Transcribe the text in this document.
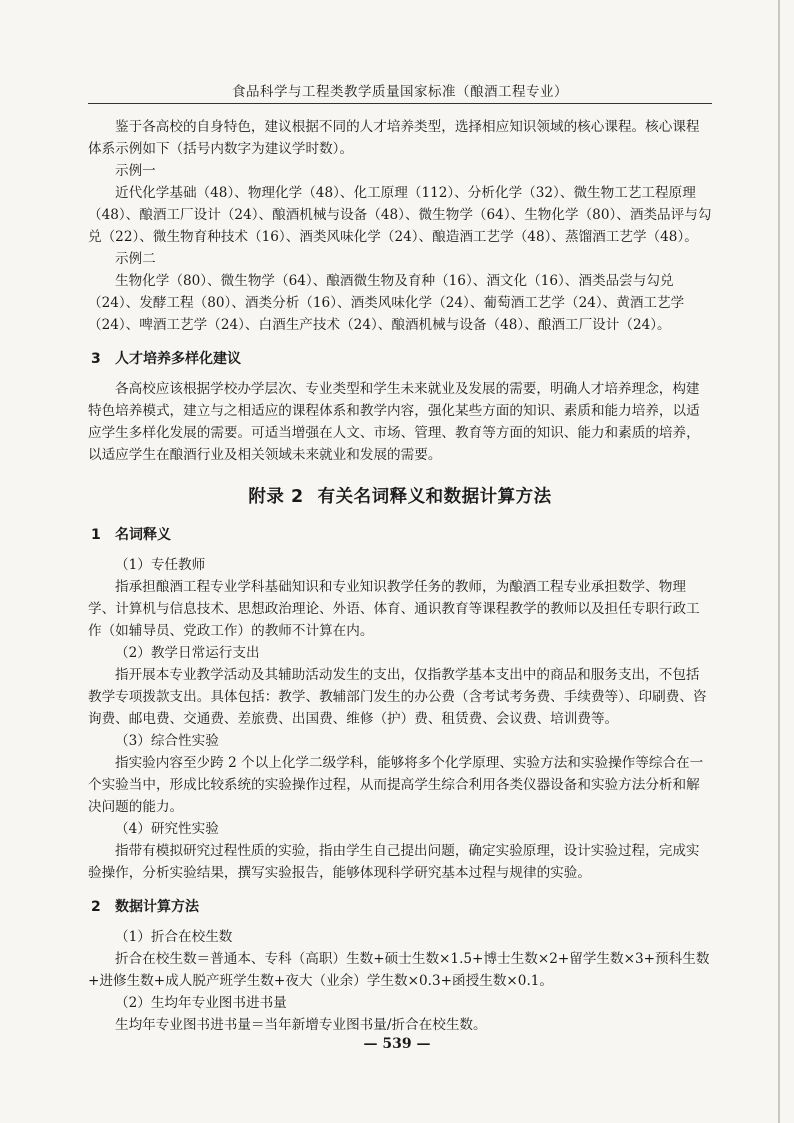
食品科学与工程类教学质量国家标准（酿酒工程专业）

鉴于各高校的自身特色，建议根据不同的人才培养类型，选择相应知识领域的核心课程。核心课程体系示例如下（括号内数字为建议学时数）。

示例一

近代化学基础（48）、物理化学（48）、化工原理（112）、分析化学（32）、微生物工艺工程原理（48）、酿酒工厂设计（24）、酿酒机械与设备（48）、微生物学（64）、生物化学（80）、酒类品评与勾兑（22）、微生物育种技术（16）、酒类风味化学（24）、酿造酒工艺学（48）、蒸馏酒工艺学（48）。

示例二

生物化学（80）、微生物学（64）、酿酒微生物及育种（16）、酒文化（16）、酒类品尝与勾兑（24）、发酵工程（80）、酒类分析（16）、酒类风味化学（24）、葡萄酒工艺学（24）、黄酒工艺学（24）、啤酒工艺学（24）、白酒生产技术（24）、酿酒机械与设备（48）、酿酒工厂设计（24）。

3 人才培养多样化建议

各高校应该根据学校办学层次、专业类型和学生未来就业及发展的需要，明确人才培养理念，构建特色培养模式，建立与之相适应的课程体系和教学内容，强化某些方面的知识、素质和能力培养，以适应学生多样化发展的需要。可适当增强在人文、市场、管理、教育等方面的知识、能力和素质的培养，以适应学生在酿酒行业及相关领域未来就业和发展的需要。

附录 2 有关名词释义和数据计算方法
1 名词释义

（1）专任教师

指承担酿酒工程专业学科基础知识和专业知识教学任务的教师，为酿酒工程专业承担数学、物理学、计算机与信息技术、思想政治理论、外语、体育、通识教育等课程教学的教师以及担任专职行政工作（如辅导员、党政工作）的教师不计算在内。

（2）教学日常运行支出

指开展本专业教学活动及其辅助活动发生的支出，仅指教学基本支出中的商品和服务支出，不包括教学专项拨款支出。具体包括：教学、教辅部门发生的办公费（含考试考务费、手续费等）、印刷费、咨询费、邮电费、交通费、差旅费、出国费、维修（护）费、租赁费、会议费、培训费等。

（3）综合性实验

指实验内容至少跨 2 个以上化学二级学科，能够将多个化学原理、实验方法和实验操作等综合在一个实验当中，形成比较系统的实验操作过程，从而提高学生综合利用各类仪器设备和实验方法分析和解决问题的能力。

（4）研究性实验

指带有模拟研究过程性质的实验，指由学生自己提出问题，确定实验原理，设计实验过程，完成实验操作，分析实验结果，撰写实验报告，能够体现科学研究基本过程与规律的实验。

2 数据计算方法

（1）折合在校生数

折合在校生数＝普通本、专科（高职）生数+硕士生数×1.5+博士生数×2+留学生数×3+预科生数+进修生数+成人脱产班学生数+夜大（业余）学生数×0.3+函授生数×0.1。

（2）生均年专业图书进书量

生均年专业图书进书量＝当年新增专业图书量/折合在校生数。

— 539 —
